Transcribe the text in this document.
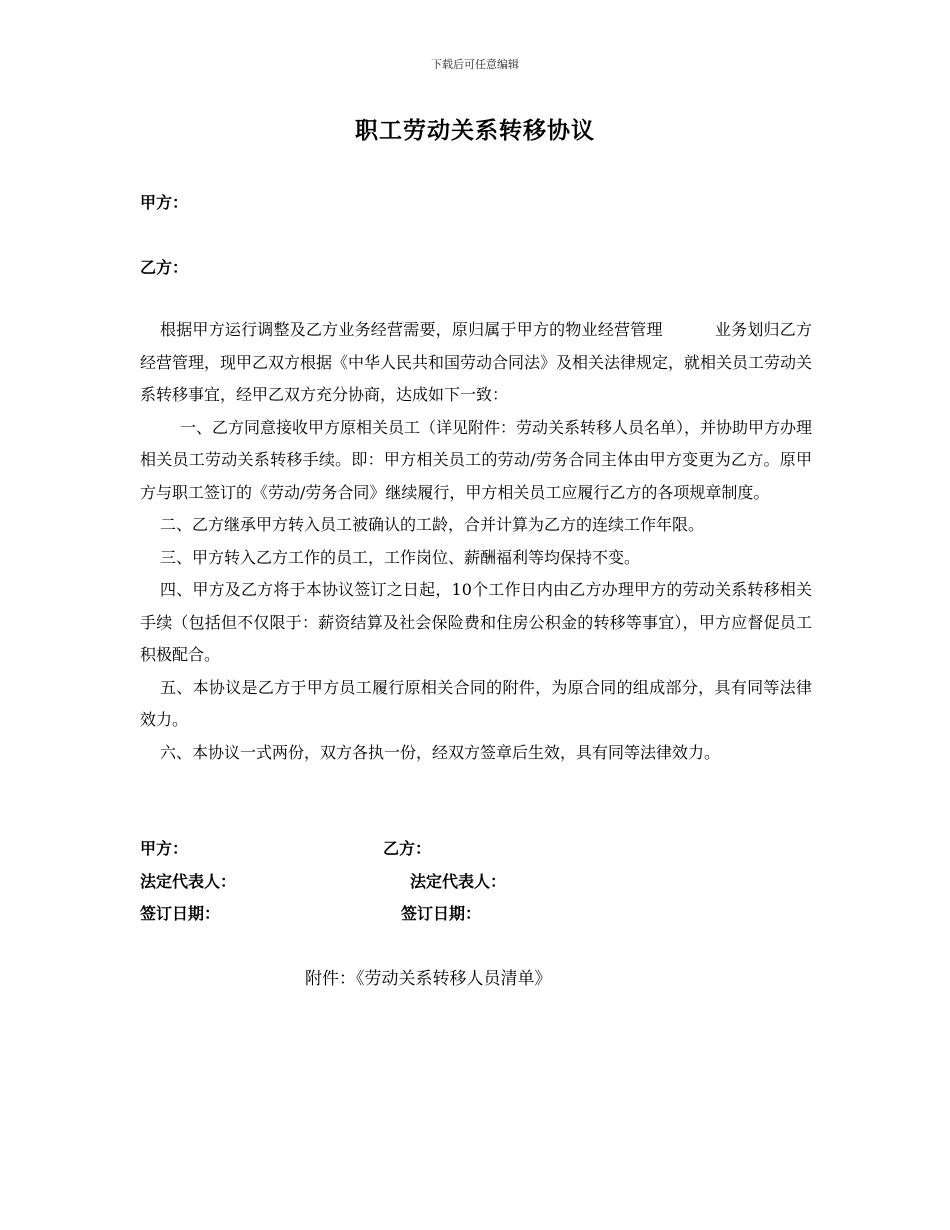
下载后可任意编辑
职工劳动关系转移协议
甲方：
乙方：

根据甲方运行调整及乙方业务经营需要，原归属于甲方的物业经营管理	业务划归乙方经营管理，现甲乙双方根据《中华人民共和国劳动合同法》及相关法律规定，就相关员工劳动关系转移事宜，经甲乙双方充分协商，达成如下一致：

一、乙方同意接收甲方原相关员工（详见附件：劳动关系转移人员名单），并协助甲方办理相关员工劳动关系转移手续。即：甲方相关员工的劳动/劳务合同主体由甲方变更为乙方。原甲方与职工签订的《劳动/劳务合同》继续履行，甲方相关员工应履行乙方的各项规章制度。

二、乙方继承甲方转入员工被确认的工龄，合并计算为乙方的连续工作年限。

三、甲方转入乙方工作的员工，工作岗位、薪酬福利等均保持不变。

四、甲方及乙方将于本协议签订之日起，10个工作日内由乙方办理甲方的劳动关系转移相关手续（包括但不仅限于：薪资结算及社会保险费和住房公积金的转移等事宜），甲方应督促员工积极配合。

五、本协议是乙方于甲方员工履行原相关合同的附件，为原合同的组成部分，具有同等法律效力。

六、本协议一式两份，双方各执一份，经双方签章后生效，具有同等法律效力。

甲方：	乙方：
法定代表人：	法定代表人：
签订日期：	签订日期：
附件：《劳动关系转移人员清单》
